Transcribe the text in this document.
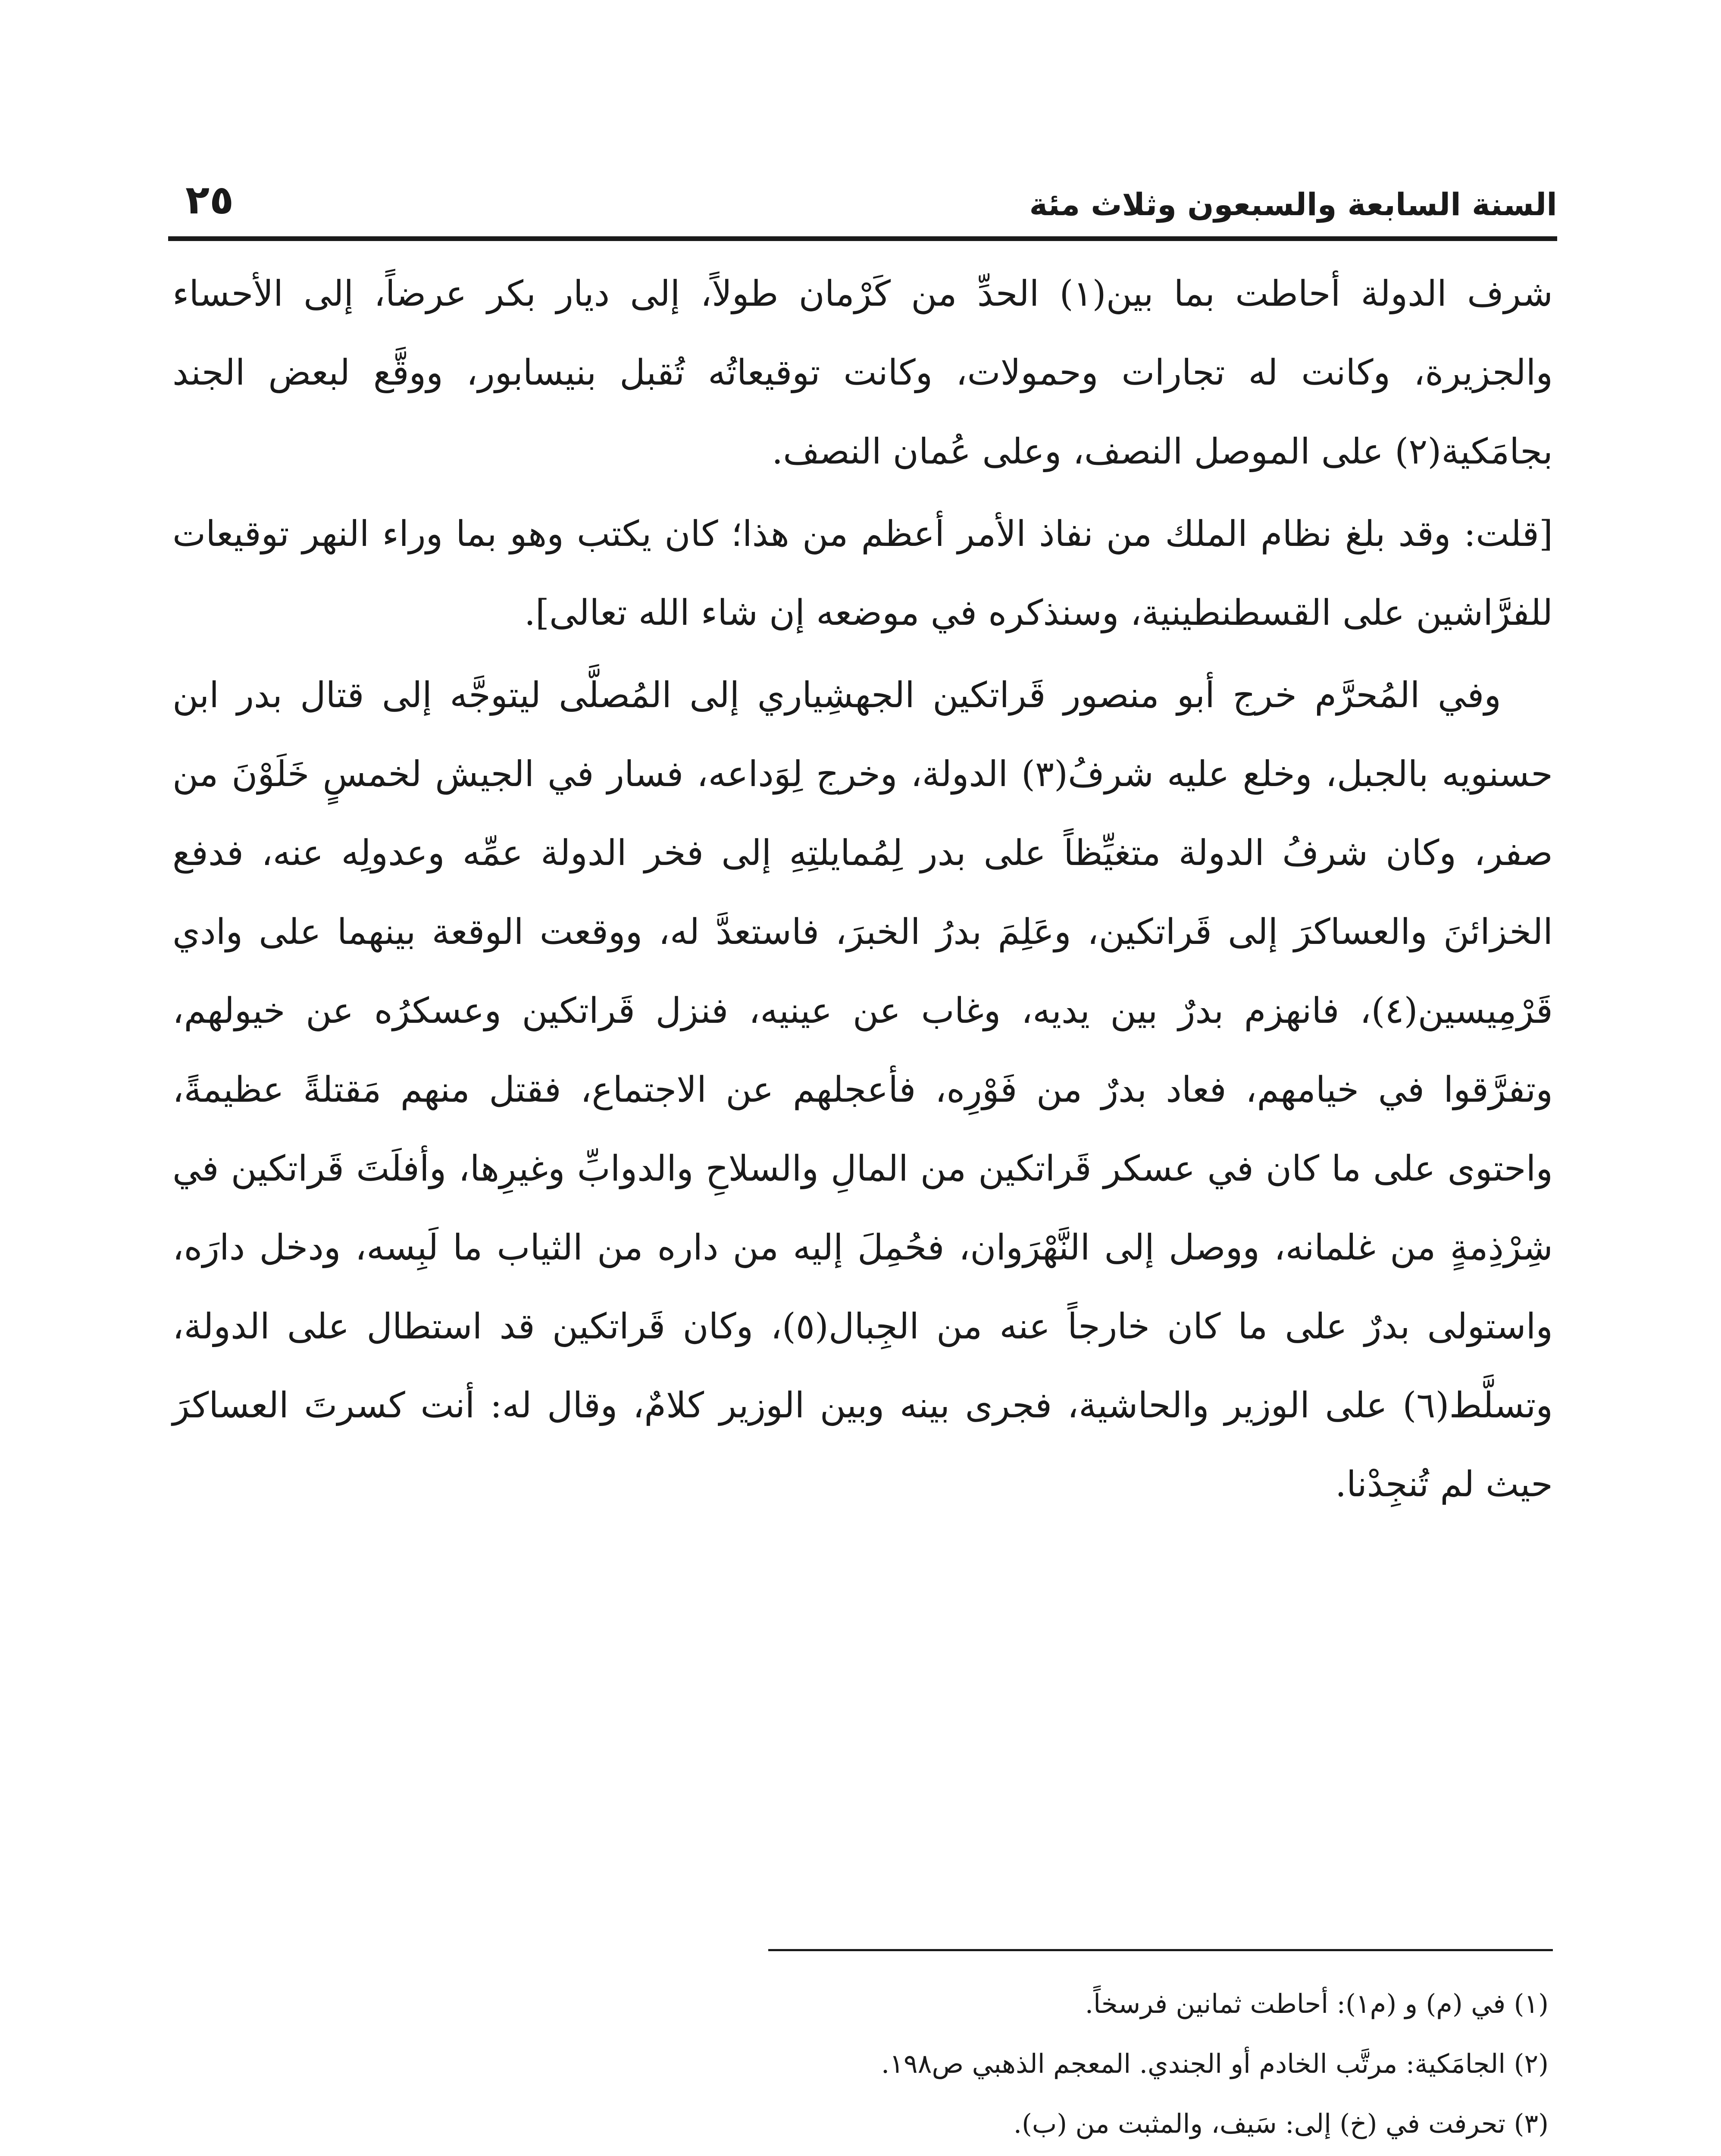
السنة السابعة والسبعون وثلاث مئة
٢٥

شرف الدولة أحاطت بما بين(١) الحدِّ من كَرْمان طولاً، إلى ديار بكر عرضاً، إلى الأحساء والجزيرة، وكانت له تجارات وحمولات، وكانت توقيعاتُه تُقبل بنيسابور، ووقَّع لبعض الجند بجامَكية(٢) على الموصل النصف، وعلى عُمان النصف.

[قلت: وقد بلغ نظام الملك من نفاذ الأمر أعظم من هذا؛ كان يكتب وهو بما وراء النهر توقيعات للفرَّاشين على القسطنطينية، وسنذكره في موضعه إن شاء الله تعالى].

وفي المُحرَّم خرج أبو منصور قَراتكين الجهشِياري إلى المُصلَّى ليتوجَّه إلى قتال بدر ابن حسنويه بالجبل، وخلع عليه شرفُ(٣) الدولة، وخرج لِوَداعه، فسار في الجيش لخمسٍ خَلَوْنَ من صفر، وكان شرفُ الدولة متغيِّظاً على بدر لِمُمايلتِهِ إلى فخر الدولة عمِّه وعدولِه عنه، فدفع الخزائنَ والعساكرَ إلى قَراتكين، وعَلِمَ بدرُ الخبرَ، فاستعدَّ له، ووقعت الوقعة بينهما على وادي قَرْمِيسين(٤)، فانهزم بدرٌ بين يديه، وغاب عن عينيه، فنزل قَراتكين وعسكرُه عن خيولهم، وتفرَّقوا في خيامهم، فعاد بدرٌ من فَوْرِه، فأعجلهم عن الاجتماع، فقتل منهم مَقتلةً عظيمةً، واحتوى على ما كان في عسكر قَراتكين من المالِ والسلاحِ والدوابِّ وغيرِها، وأفلَتَ قَراتكين في شِرْذِمةٍ من غلمانه، ووصل إلى النَّهْرَوان، فحُمِلَ إليه من داره من الثياب ما لَبِسه، ودخل دارَه، واستولى بدرٌ على ما كان خارجاً عنه من الجِبال(٥)، وكان قَراتكين قد استطال على الدولة، وتسلَّط(٦) على الوزير والحاشية، فجرى بينه وبين الوزير كلامٌ، وقال له: أنت كسرتَ العساكرَ حيث لم تُنجِدْنا.

(١) في (م) و (م١): أحاطت ثمانين فرسخاً.

(٢) الجامَكية: مرتَّب الخادم أو الجندي. المعجم الذهبي ص١٩٨.

(٣) تحرفت في (خ) إلى: سَيف، والمثبت من (ب).
